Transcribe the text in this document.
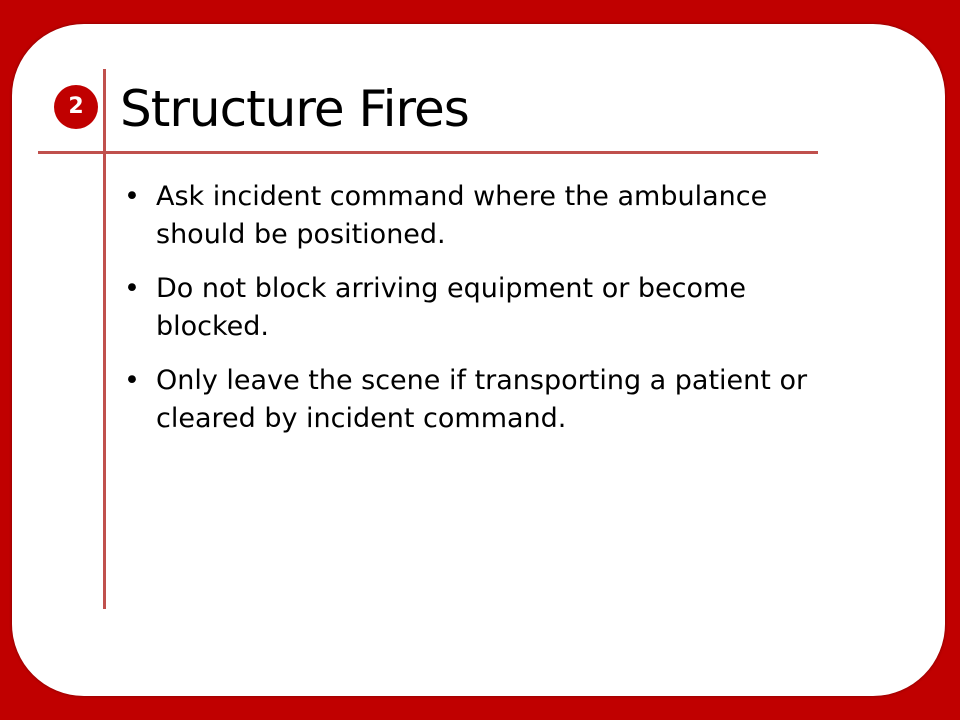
2 Structure Fires
• Ask incident command where the ambulance should be positioned.
• Do not block arriving equipment or become blocked.
• Only leave the scene if transporting a patient or cleared by incident command.
